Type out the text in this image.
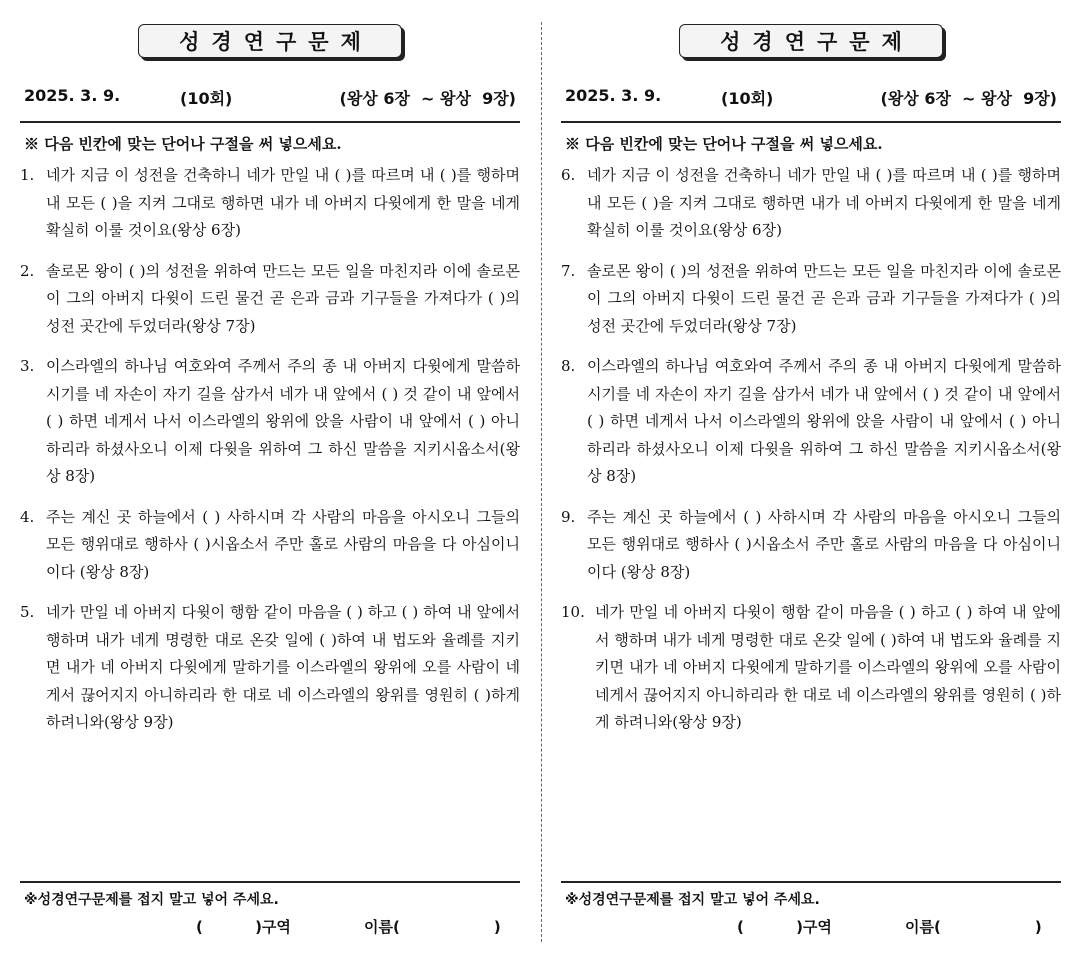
성경연구문제
2025. 3. 9.	(10회)	(왕상 6장  ~ 왕상  9장)
※ 다음 빈칸에 맞는 단어나 구절을 써 넣으세요.
1. 네가 지금 이 성전을 건축하니 네가 만일 내 ( )를 따르며 내 ( )를 행하며 내 모든 ( )을 지켜 그대로 행하면 내가 네 아버지 다윗에게 한 말을 네게 확실히 이룰 것이요(왕상 6장)
2. 솔로몬 왕이 ( )의 성전을 위하여 만드는 모든 일을 마친지라 이에 솔로몬이 그의 아버지 다윗이 드린 물건 곧 은과 금과 기구들을 가져다가 ( )의 성전 곳간에 두었더라(왕상 7장)
3. 이스라엘의 하나님 여호와여 주께서 주의 종 내 아버지 다윗에게 말씀하시기를 네 자손이 자기 길을 삼가서 네가 내 앞에서 ( ) 것 같이 내 앞에서 ( ) 하면 네게서 나서 이스라엘의 왕위에 앉을 사람이 내 앞에서 ( ) 아니하리라 하셨사오니 이제 다윗을 위하여 그 하신 말씀을 지키시옵소서(왕상 8장)
4. 주는 계신 곳 하늘에서 ( ) 사하시며 각 사람의 마음을 아시오니 그들의 모든 행위대로 행하사 ( )시옵소서 주만 홀로 사람의 마음을 다 아심이니이다 (왕상 8장)
5. 네가 만일 네 아버지 다윗이 행함 같이 마음을 ( ) 하고 ( ) 하여 내 앞에서 행하며 내가 네게 명령한 대로 온갖 일에 ( )하여 내 법도와 율례를 지키면 내가 네 아버지 다윗에게 말하기를 이스라엘의 왕위에 오를 사람이 네게서 끊어지지 아니하리라 한 대로 네 이스라엘의 왕위를 영원히 ( )하게 하려니와(왕상 9장)
※성경연구문제를 접지 말고 넣어 주세요.
(          )구역	이름(                  )
성경연구문제
2025. 3. 9.	(10회)	(왕상 6장  ~ 왕상  9장)
※ 다음 빈칸에 맞는 단어나 구절을 써 넣으세요.
6. 네가 지금 이 성전을 건축하니 네가 만일 내 ( )를 따르며 내 ( )를 행하며 내 모든 ( )을 지켜 그대로 행하면 내가 네 아버지 다윗에게 한 말을 네게 확실히 이룰 것이요(왕상 6장)
7. 솔로몬 왕이 ( )의 성전을 위하여 만드는 모든 일을 마친지라 이에 솔로몬이 그의 아버지 다윗이 드린 물건 곧 은과 금과 기구들을 가져다가 ( )의 성전 곳간에 두었더라(왕상 7장)
8. 이스라엘의 하나님 여호와여 주께서 주의 종 내 아버지 다윗에게 말씀하시기를 네 자손이 자기 길을 삼가서 네가 내 앞에서 ( ) 것 같이 내 앞에서 ( ) 하면 네게서 나서 이스라엘의 왕위에 앉을 사람이 내 앞에서 ( ) 아니하리라 하셨사오니 이제 다윗을 위하여 그 하신 말씀을 지키시옵소서(왕상 8장)
9. 주는 계신 곳 하늘에서 ( ) 사하시며 각 사람의 마음을 아시오니 그들의 모든 행위대로 행하사 ( )시옵소서 주만 홀로 사람의 마음을 다 아심이니이다 (왕상 8장)
10. 네가 만일 네 아버지 다윗이 행함 같이 마음을 ( ) 하고 ( ) 하여 내 앞에서 행하며 내가 네게 명령한 대로 온갖 일에 ( )하여 내 법도와 율례를 지키면 내가 네 아버지 다윗에게 말하기를 이스라엘의 왕위에 오를 사람이 네게서 끊어지지 아니하리라 한 대로 네 이스라엘의 왕위를 영원히 ( )하게 하려니와(왕상 9장)
※성경연구문제를 접지 말고 넣어 주세요.
(          )구역	이름(                  )
